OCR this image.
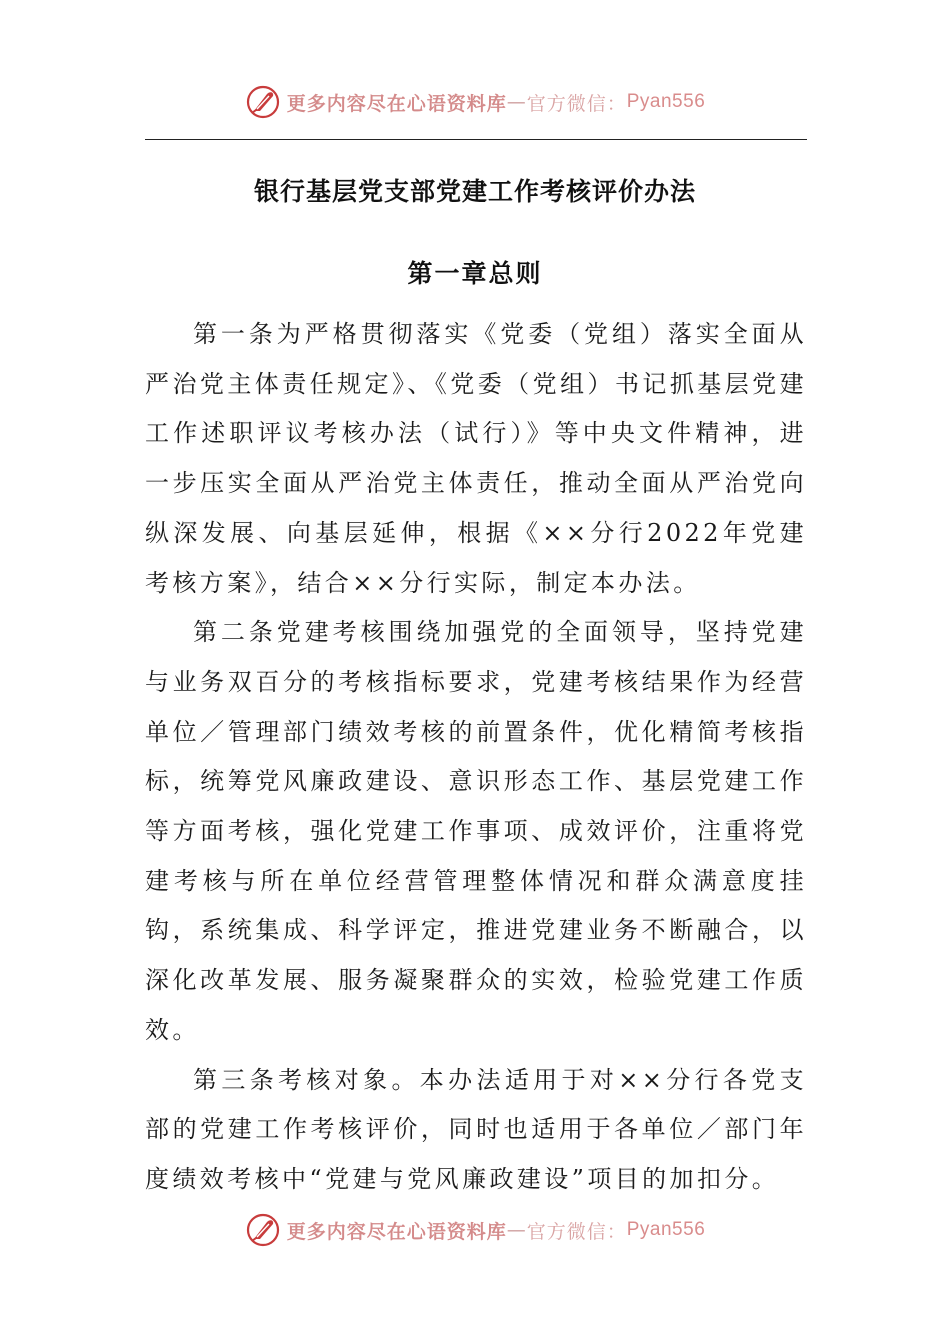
更多内容尽在心语资料库 — 官方微信： Pyan556
银行基层党支部党建工作考核评价办法
第一章总则

第一条为严格贯彻落实《党委（党组）落实全面从严治党主体责任规定》、《党委（党组）书记抓基层党建工作述职评议考核办法（试行）》等中央文件精神，进一步压实全面从严治党主体责任，推动全面从严治党向纵深发展、向基层延伸，根据《××分行2022年党建考核方案》，结合××分行实际，制定本办法。

第二条党建考核围绕加强党的全面领导，坚持党建与业务双百分的考核指标要求，党建考核结果作为经营单位／管理部门绩效考核的前置条件，优化精简考核指标，统筹党风廉政建设、意识形态工作、基层党建工作等方面考核，强化党建工作事项、成效评价，注重将党建考核与所在单位经营管理整体情况和群众满意度挂钩，系统集成、科学评定，推进党建业务不断融合，以深化改革发展、服务凝聚群众的实效，检验党建工作质效。

第三条考核对象。本办法适用于对××分行各党支部的党建工作考核评价，同时也适用于各单位／部门年度绩效考核中“党建与党风廉政建设”项目的加扣分。

更多内容尽在心语资料库 — 官方微信： Pyan556
